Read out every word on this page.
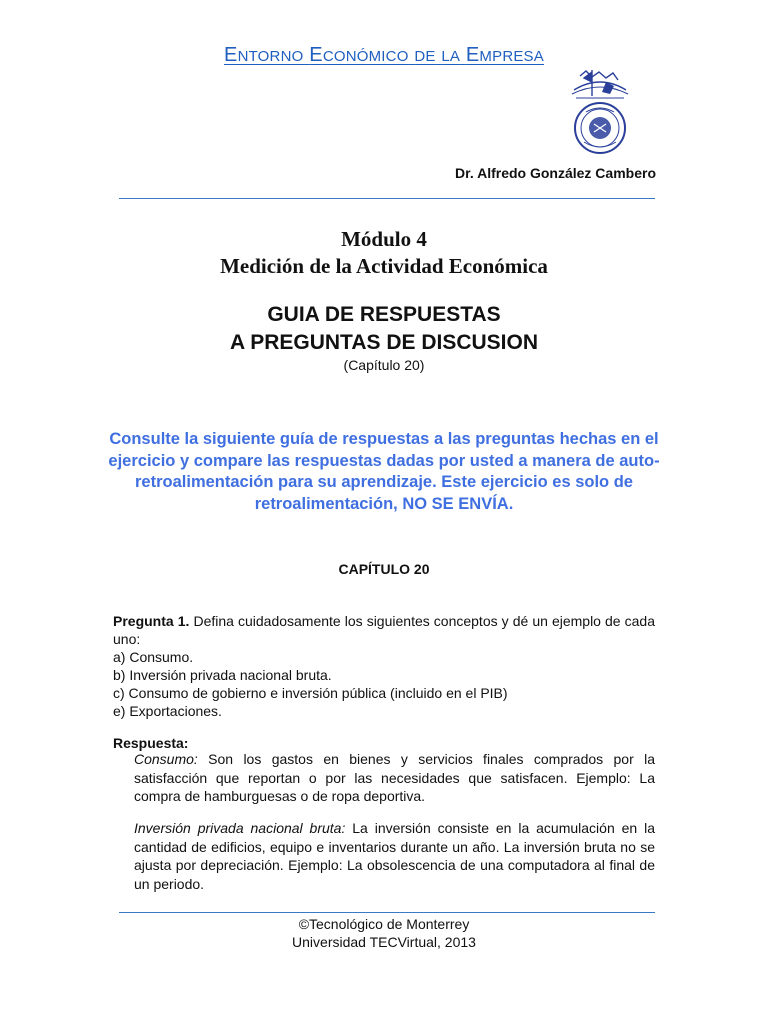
ENTORNO ECONÓMICO DE LA EMPRESA
Dr. Alfredo González Cambero
Módulo 4
Medición de la Actividad Económica
GUIA DE RESPUESTAS
A PREGUNTAS DE DISCUSION
(Capítulo 20)
Consulte la siguiente guía de respuestas a las preguntas hechas en el ejercicio y compare las respuestas dadas por usted a manera de auto-retroalimentación para su aprendizaje. Este ejercicio es solo de retroalimentación, NO SE ENVÍA.
CAPÍTULO 20
Pregunta 1. Defina cuidadosamente los siguientes conceptos y dé un ejemplo de cada uno:
a) Consumo.
b) Inversión privada nacional bruta.
c) Consumo de gobierno e inversión pública (incluido en el PIB)
e) Exportaciones.
Respuesta:
Consumo: Son los gastos en bienes y servicios finales comprados por la satisfacción que reportan o por las necesidades que satisfacen. Ejemplo: La compra de hamburguesas o de ropa deportiva.
Inversión privada nacional bruta: La inversión consiste en la acumulación en la cantidad de edificios, equipo e inventarios durante un año. La inversión bruta no se ajusta por depreciación. Ejemplo: La obsolescencia de una computadora al final de un periodo.
©Tecnológico de Monterrey
Universidad TECVirtual, 2013
